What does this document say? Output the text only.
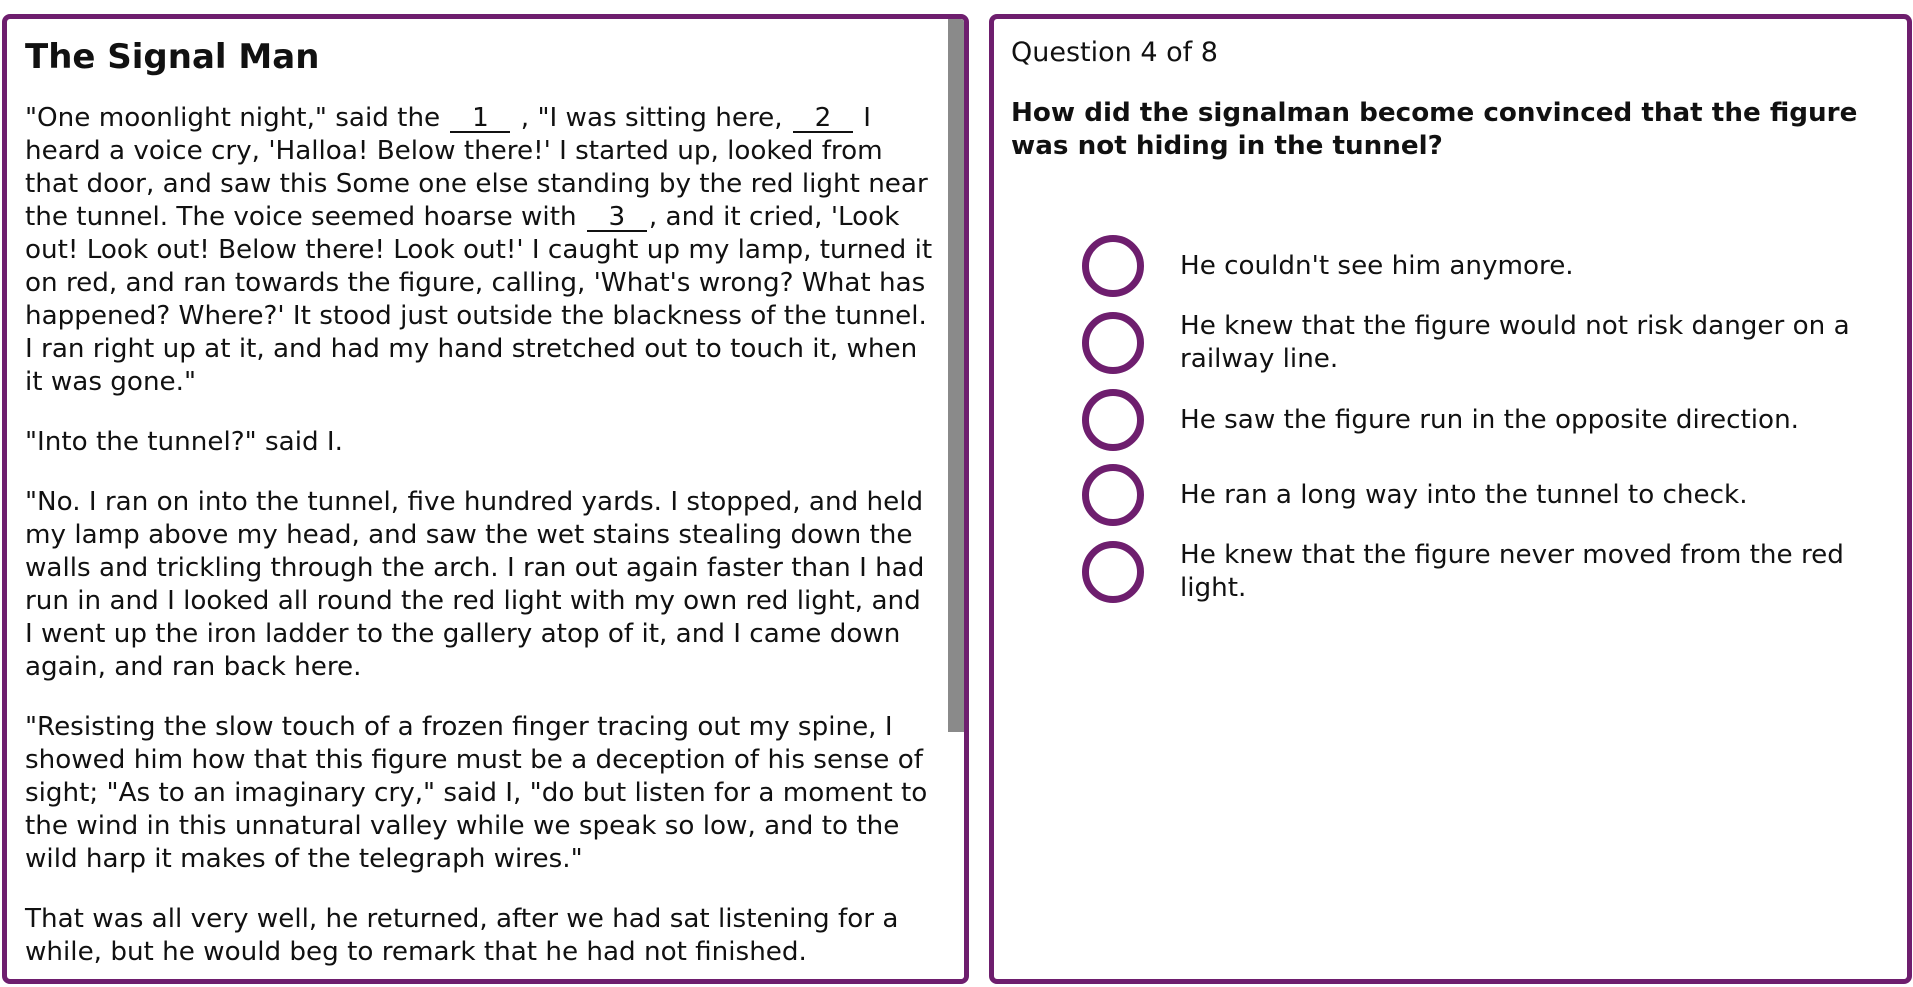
The Signal Man

"One moonlight night," said the 1 , "I was sitting here, 2 I heard a voice cry, 'Halloa! Below there!' I started up, looked from that door, and saw this Some one else standing by the red light near the tunnel. The voice seemed hoarse with 3 , and it cried, 'Look out! Look out! Below there! Look out!' I caught up my lamp, turned it on red, and ran towards the figure, calling, 'What's wrong? What has happened? Where?' It stood just outside the blackness of the tunnel. I ran right up at it, and had my hand stretched out to touch it, when it was gone."

"Into the tunnel?" said I.

"No. I ran on into the tunnel, five hundred yards. I stopped, and held my lamp above my head, and saw the wet stains stealing down the walls and trickling through the arch. I ran out again faster than I had run in and I looked all round the red light with my own red light, and I went up the iron ladder to the gallery atop of it, and I came down again, and ran back here.

"Resisting the slow touch of a frozen finger tracing out my spine, I showed him how that this figure must be a deception of his sense of sight; "As to an imaginary cry," said I, "do but listen for a moment to the wind in this unnatural valley while we speak so low, and to the wild harp it makes of the telegraph wires."

That was all very well, he returned, after we had sat listening for a while, but he would beg to remark that he had not finished.

Question 4 of 8
How did the signalman become convinced that the figure was not hiding in the tunnel?
He couldn't see him anymore.
He knew that the figure would not risk danger on a railway line.
He saw the figure run in the opposite direction.
He ran a long way into the tunnel to check.
He knew that the figure never moved from the red light.
